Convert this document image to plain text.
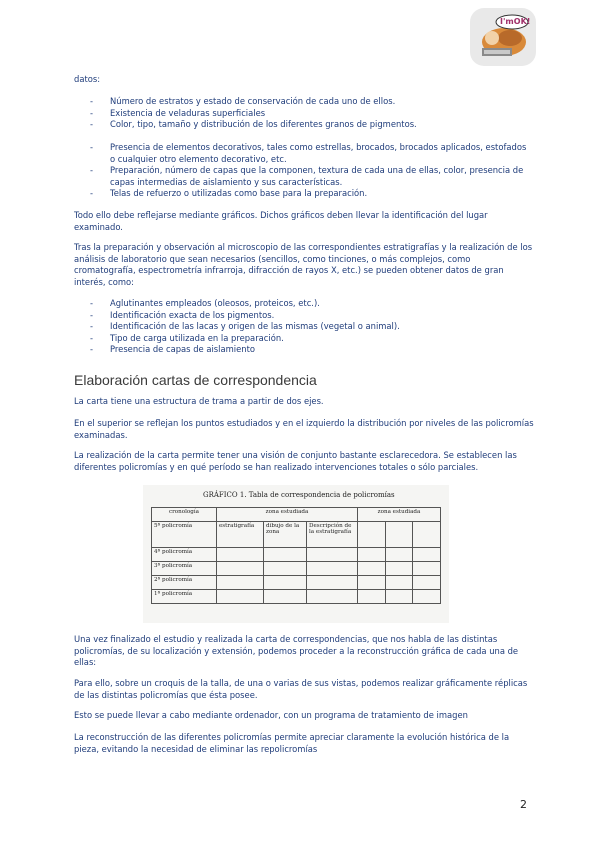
I'mOK!
datos:
- Número de estratos y estado de conservación de cada uno de ellos.
- Existencia de veladuras superficiales
- Color, tipo, tamaño y distribución de los diferentes granos de pigmentos.
- Presencia de elementos decorativos, tales como estrellas, brocados, brocados aplicados, estofados o cualquier otro elemento decorativo, etc.
- Preparación, número de capas que la componen, textura de cada una de ellas, color, presencia de capas intermedias de aislamiento y sus características.
- Telas de refuerzo o utilizadas como base para la preparación.
Todo ello debe reflejarse mediante gráficos. Dichos gráficos deben llevar la identificación del lugar examinado.
Tras la preparación y observación al microscopio de las correspondientes estratigrafías y la realización de los análisis de laboratorio que sean necesarios (sencillos, como tinciones, o más complejos, como cromatografía, espectrometría infrarroja, difracción de rayos X, etc.) se pueden obtener datos de gran interés, como:
- Aglutinantes empleados (oleosos, proteicos, etc.).
- Identificación exacta de los pigmentos.
- Identificación de las lacas y origen de las mismas (vegetal o animal).
- Tipo de carga utilizada en la preparación.
- Presencia de capas de aislamiento
Elaboración cartas de correspondencia
La carta tiene una estructura de trama a partir de dos ejes.
En el superior se reflejan los puntos estudiados y en el izquierdo la distribución por niveles de las policromías examinadas.
La realización de la carta permite tener una visión de conjunto bastante esclarecedora. Se establecen las diferentes policromías y en qué período se han realizado intervenciones totales o sólo parciales.
GRÁFICO 1. Tabla de correspondencia de policromías
cronología	zona estudiada			zona estudiada		
5ª policromía	estratigrafía	dibujo de la zona	Descripción de la estratigrafía			
4ª policromía						
3ª policromía						
2ª policromía						
1ª policromía						
Una vez finalizado el estudio y realizada la carta de correspondencias, que nos habla de las distintas policromías, de su localización y extensión, podemos proceder a la reconstrucción gráfica de cada una de ellas:
Para ello, sobre un croquis de la talla, de una o varias de sus vistas, podemos realizar gráficamente réplicas de las distintas policromías que ésta posee.
Esto se puede llevar a cabo mediante ordenador, con un programa de tratamiento de imagen
La reconstrucción de las diferentes policromías permite apreciar claramente la evolución histórica de la pieza, evitando la necesidad de eliminar las repolicromías
2
